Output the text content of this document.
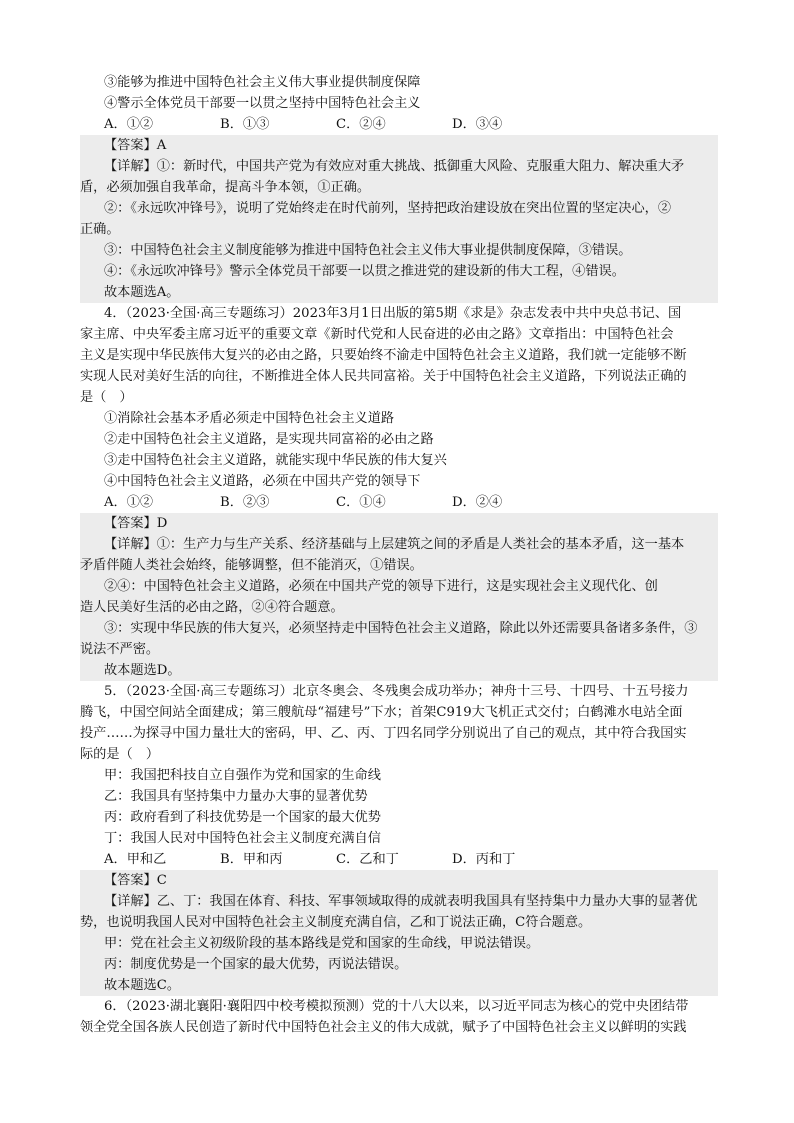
③能够为推进中国特色社会主义伟大事业提供制度保障
④警示全体党员干部要一以贯之坚持中国特色社会主义
A．①②	B．①③	C．②④	D．③④
【答案】A
【详解】①：新时代，中国共产党为有效应对重大挑战、抵御重大风险、克服重大阻力、解决重大矛
盾，必须加强自我革命，提高斗争本领，①正确。
②：《永远吹冲锋号》，说明了党始终走在时代前列，坚持把政治建设放在突出位置的坚定决心，②
正确。
③：中国特色社会主义制度能够为推进中国特色社会主义伟大事业提供制度保障，③错误。
④：《永远吹冲锋号》警示全体党员干部要一以贯之推进党的建设新的伟大工程，④错误。
故本题选A。
4．（2023·全国·高三专题练习）2023年3月1日出版的第5期《求是》杂志发表中共中央总书记、国
家主席、中央军委主席习近平的重要文章《新时代党和人民奋进的必由之路》文章指出：中国特色社会
主义是实现中华民族伟大复兴的必由之路，只要始终不渝走中国特色社会主义道路，我们就一定能够不断
实现人民对美好生活的向往，不断推进全体人民共同富裕。关于中国特色社会主义道路，下列说法正确的
是（　）
①消除社会基本矛盾必须走中国特色社会主义道路
②走中国特色社会主义道路，是实现共同富裕的必由之路
③走中国特色社会主义道路，就能实现中华民族的伟大复兴
④中国特色社会主义道路，必须在中国共产党的领导下
A．①②	B．②③	C．①④	D．②④
【答案】D
【详解】①：生产力与生产关系、经济基础与上层建筑之间的矛盾是人类社会的基本矛盾，这一基本
矛盾伴随人类社会始终，能够调整，但不能消灭，①错误。
②④：中国特色社会主义道路，必须在中国共产党的领导下进行，这是实现社会主义现代化、创
造人民美好生活的必由之路，②④符合题意。
③：实现中华民族的伟大复兴，必须坚持走中国特色社会主义道路，除此以外还需要具备诸多条件，③
说法不严密。
故本题选D。
5．（2023·全国·高三专题练习）北京冬奥会、冬残奥会成功举办；神舟十三号、十四号、十五号接力
腾飞，中国空间站全面建成；第三艘航母“福建号”下水；首架C919大飞机正式交付；白鹤滩水电站全面
投产……为探寻中国力量壮大的密码，甲、乙、丙、丁四名同学分别说出了自己的观点，其中符合我国实
际的是（　）
甲：我国把科技自立自强作为党和国家的生命线
乙：我国具有坚持集中力量办大事的显著优势
丙：政府看到了科技优势是一个国家的最大优势
丁：我国人民对中国特色社会主义制度充满自信
A．甲和乙	B．甲和丙	C．乙和丁	D．丙和丁
【答案】C
【详解】乙、丁：我国在体育、科技、军事领域取得的成就表明我国具有坚持集中力量办大事的显著优
势，也说明我国人民对中国特色社会主义制度充满自信，乙和丁说法正确，C符合题意。
甲：党在社会主义初级阶段的基本路线是党和国家的生命线，甲说法错误。
丙：制度优势是一个国家的最大优势，丙说法错误。
故本题选C。
6．（2023·湖北襄阳·襄阳四中校考模拟预测）党的十八大以来，以习近平同志为核心的党中央团结带
领全党全国各族人民创造了新时代中国特色社会主义的伟大成就，赋予了中国特色社会主义以鲜明的实践
